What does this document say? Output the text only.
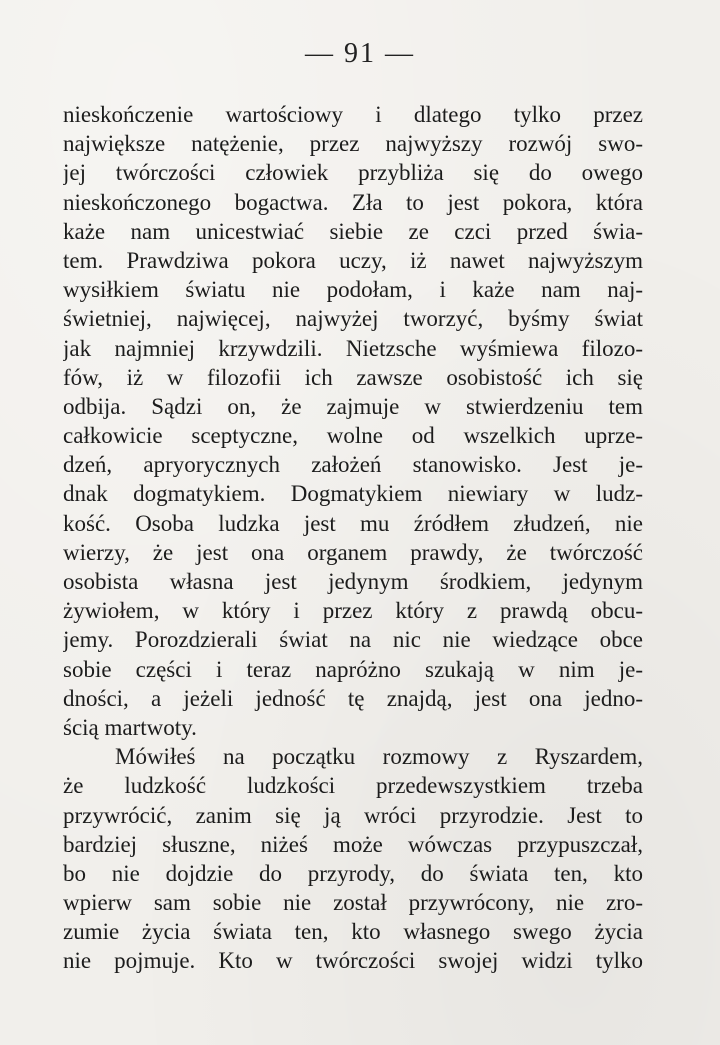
— 91 —
nieskończenie wartościowy i dlatego tylko przez
największe natężenie, przez najwyższy rozwój swo-
jej twórczości człowiek przybliża się do owego
nieskończonego bogactwa. Zła to jest pokora, która
każe nam unicestwiać siebie ze czci przed świa-
tem. Prawdziwa pokora uczy, iż nawet najwyższym
wysiłkiem światu nie podołam, i każe nam naj-
świetniej, najwięcej, najwyżej tworzyć, byśmy świat
jak najmniej krzywdzili. Nietzsche wyśmiewa filozo-
fów, iż w filozofii ich zawsze osobistość ich się
odbija. Sądzi on, że zajmuje w stwierdzeniu tem
całkowicie sceptyczne, wolne od wszelkich uprze-
dzeń, apryorycznych założeń stanowisko. Jest je-
dnak dogmatykiem. Dogmatykiem niewiary w ludz-
kość. Osoba ludzka jest mu źródłem złudzeń, nie
wierzy, że jest ona organem prawdy, że twórczość
osobista własna jest jedynym środkiem, jedynym
żywiołem, w który i przez który z prawdą obcu-
jemy. Porozdzierali świat na nic nie wiedzące obce
sobie części i teraz napróżno szukają w nim je-
dności, a jeżeli jedność tę znajdą, jest ona jedno-
ścią martwoty.
Mówiłeś na początku rozmowy z Ryszardem,
że ludzkość ludzkości przedewszystkiem trzeba
przywrócić, zanim się ją wróci przyrodzie. Jest to
bardziej słuszne, niżeś może wówczas przypuszczał,
bo nie dojdzie do przyrody, do świata ten, kto
wpierw sam sobie nie został przywrócony, nie zro-
zumie życia świata ten, kto własnego swego życia
nie pojmuje. Kto w twórczości swojej widzi tylko
